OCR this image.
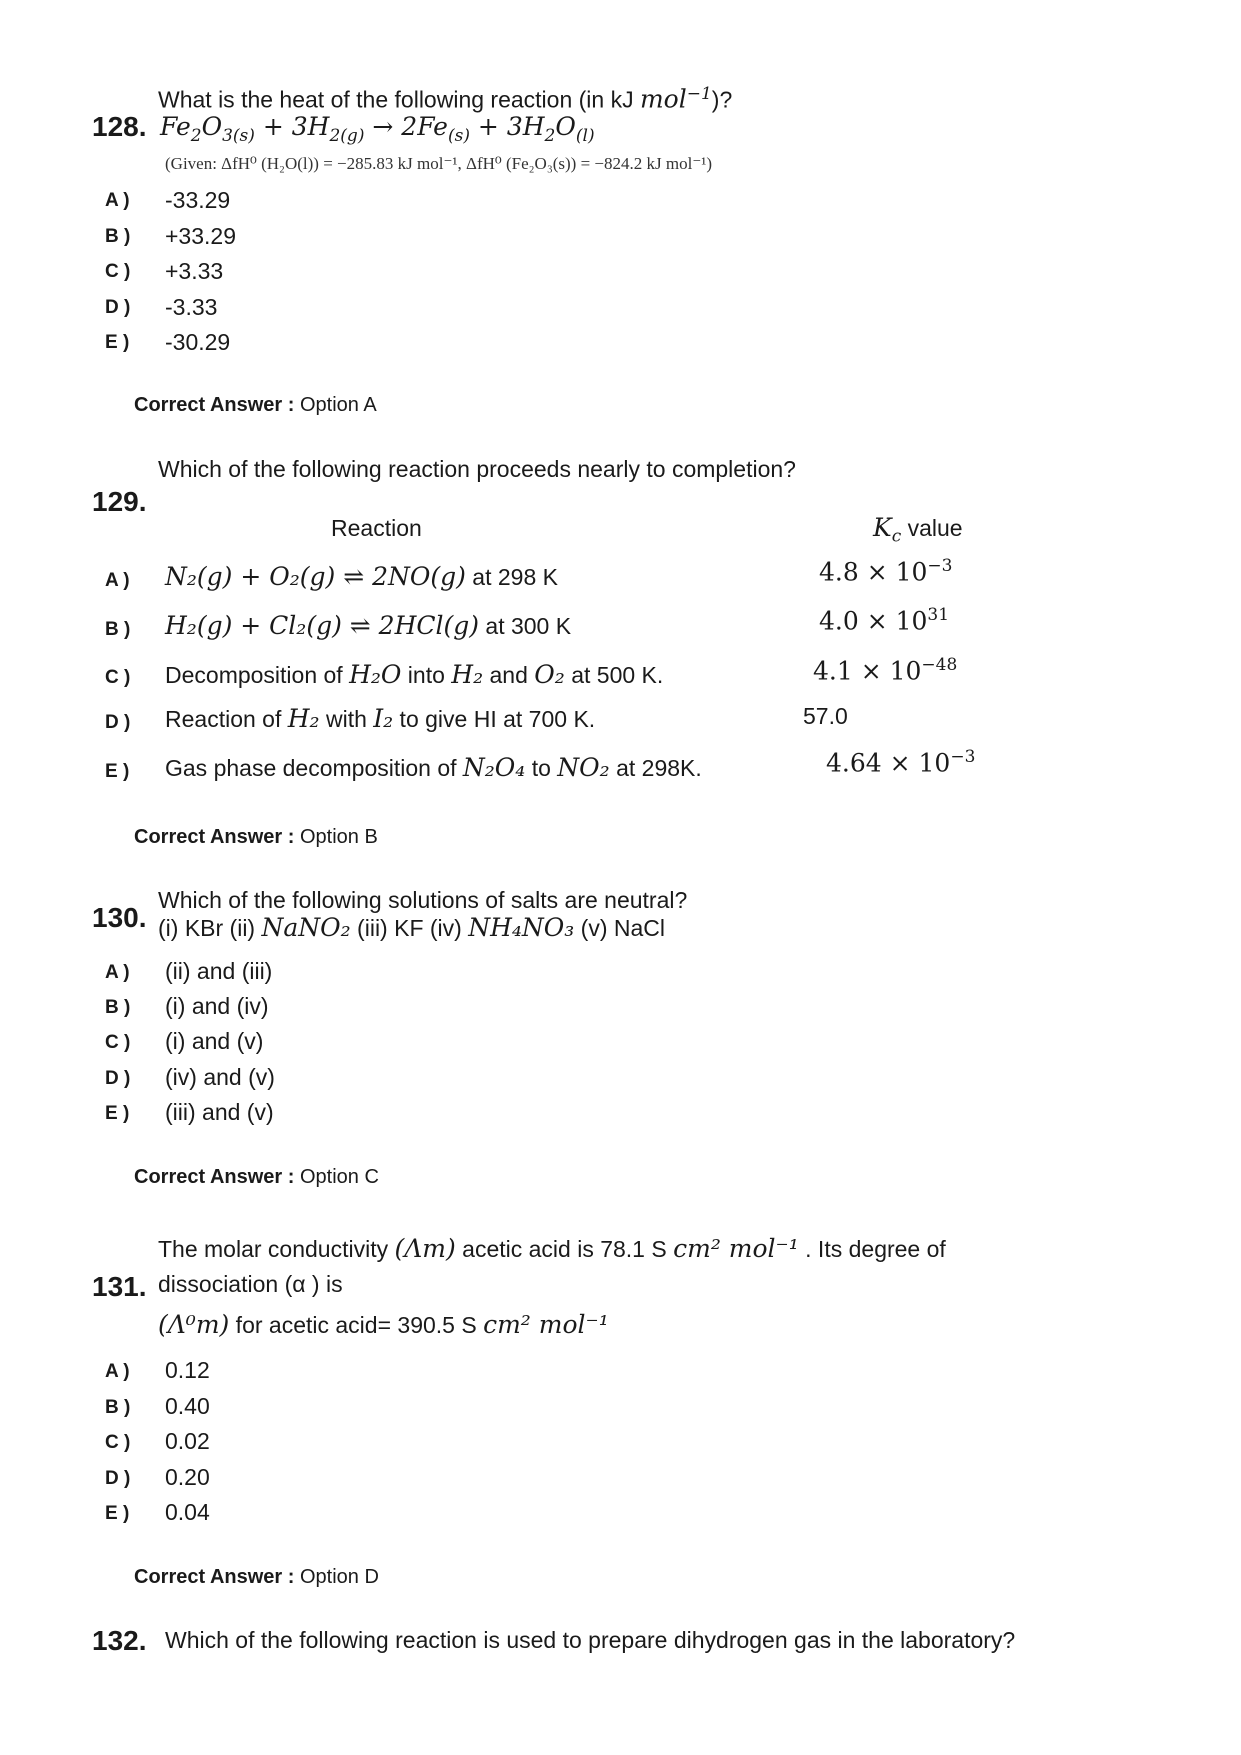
What is the heat of the following reaction (in kJ mol$^{-1}$)?
128. $Fe_2O_{3(s)} + 3H_{2(g)} \to 2Fe_{(s)} + 3H_2O_{(l)}$
(Given: ΔfH⁰ (H₂O(l)) = −285.83 kJ mol⁻¹, ΔfH⁰ (Fe₂O₃(s)) = −824.2 kJ mol⁻¹)
A ) -33.29
B ) +33.29
C ) +3.33
D ) -3.33
E ) -30.29
Correct Answer : Option A
Which of the following reaction proceeds nearly to completion?
129.
Reaction	$K_c$ value
A ) N₂(g) + O₂(g) ⇌ 2NO(g) at 298 K	$4.8 \times 10^{-3}$
B ) H₂(g) + Cl₂(g) ⇌ 2HCl(g) at 300 K	$4.0 \times 10^{31}$
C ) Decomposition of H₂O into H₂ and O₂ at 500 K.	$4.1 \times 10^{-48}$
D ) Reaction of H₂ with I₂ to give HI at 700 K.	57.0
E ) Gas phase decomposition of N₂O₄ to NO₂ at 298K.	$4.64 \times 10^{-3}$
Correct Answer : Option B
Which of the following solutions of salts are neutral?
130. (i) KBr (ii) NaNO₂ (iii) KF (iv) NH₄NO₃ (v) NaCl
A ) (ii) and (iii)
B ) (i) and (iv)
C ) (i) and (v)
D ) (iv) and (v)
E ) (iii) and (v)
Correct Answer : Option C
The molar conductivity (Λm) acetic acid is 78.1 S cm² mol⁻¹ . Its degree of
131. dissociation (α ) is
(Λ⁰m) for acetic acid= 390.5 S cm² mol⁻¹
A ) 0.12
B ) 0.40
C ) 0.02
D ) 0.20
E ) 0.04
Correct Answer : Option D
132. Which of the following reaction is used to prepare dihydrogen gas in the laboratory?
